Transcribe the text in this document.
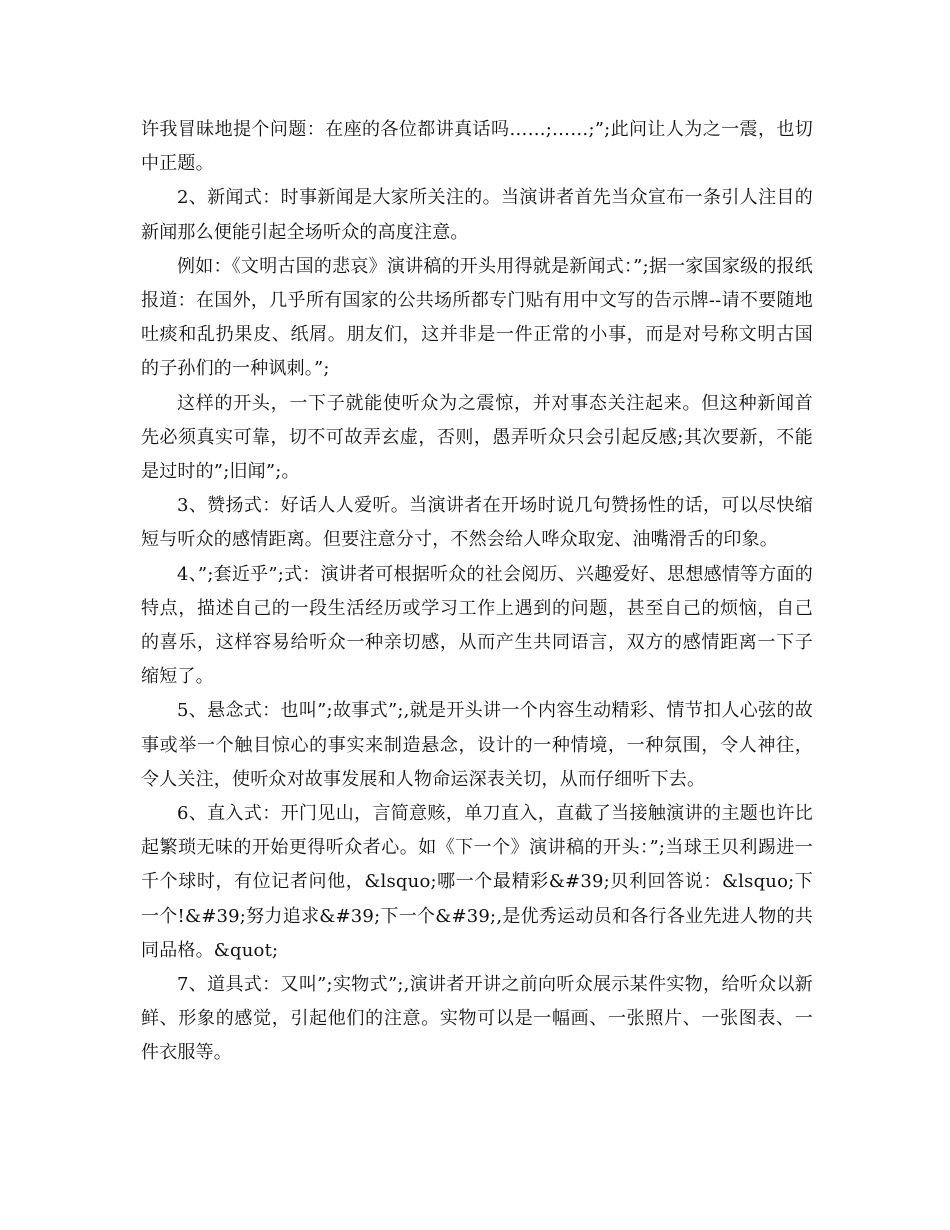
许我冒昧地提个问题：在座的各位都讲真话吗……;……;”;此问让人为之一震，也切中正题。

2、新闻式：时事新闻是大家所关注的。当演讲者首先当众宣布一条引人注目的新闻那么便能引起全场听众的高度注意。

例如：《文明古国的悲哀》演讲稿的开头用得就是新闻式：”;据一家国家级的报纸报道：在国外，几乎所有国家的公共场所都专门贴有用中文写的告示牌--请不要随地吐痰和乱扔果皮、纸屑。朋友们，这并非是一件正常的小事，而是对号称文明古国的子孙们的一种讽刺。”;

这样的开头，一下子就能使听众为之震惊，并对事态关注起来。但这种新闻首先必须真实可靠，切不可故弄玄虚，否则，愚弄听众只会引起反感;其次要新，不能是过时的”;旧闻”;。

3、赞扬式：好话人人爱听。当演讲者在开场时说几句赞扬性的话，可以尽快缩短与听众的感情距离。但要注意分寸，不然会给人哗众取宠、油嘴滑舌的印象。

4、”;套近乎”;式：演讲者可根据听众的社会阅历、兴趣爱好、思想感情等方面的特点，描述自己的一段生活经历或学习工作上遇到的问题，甚至自己的烦恼，自己的喜乐，这样容易给听众一种亲切感，从而产生共同语言，双方的感情距离一下子缩短了。

5、悬念式：也叫”;故事式”;,就是开头讲一个内容生动精彩、情节扣人心弦的故事或举一个触目惊心的事实来制造悬念，设计的一种情境，一种氛围，令人神往，令人关注，使听众对故事发展和人物命运深表关切，从而仔细听下去。

6、直入式：开门见山，言简意赅，单刀直入，直截了当接触演讲的主题也许比起繁琐无味的开始更得听众者心。如《下一个》演讲稿的开头：”;当球王贝利踢进一千个球时，有位记者问他，&lsquo;哪一个最精彩&#39;贝利回答说：&lsquo;下一个!&#39;努力追求&#39;下一个&#39;,是优秀运动员和各行各业先进人物的共同品格。&quot;

7、道具式：又叫”;实物式”;,演讲者开讲之前向听众展示某件实物，给听众以新鲜、形象的感觉，引起他们的注意。实物可以是一幅画、一张照片、一张图表、一件衣服等。
